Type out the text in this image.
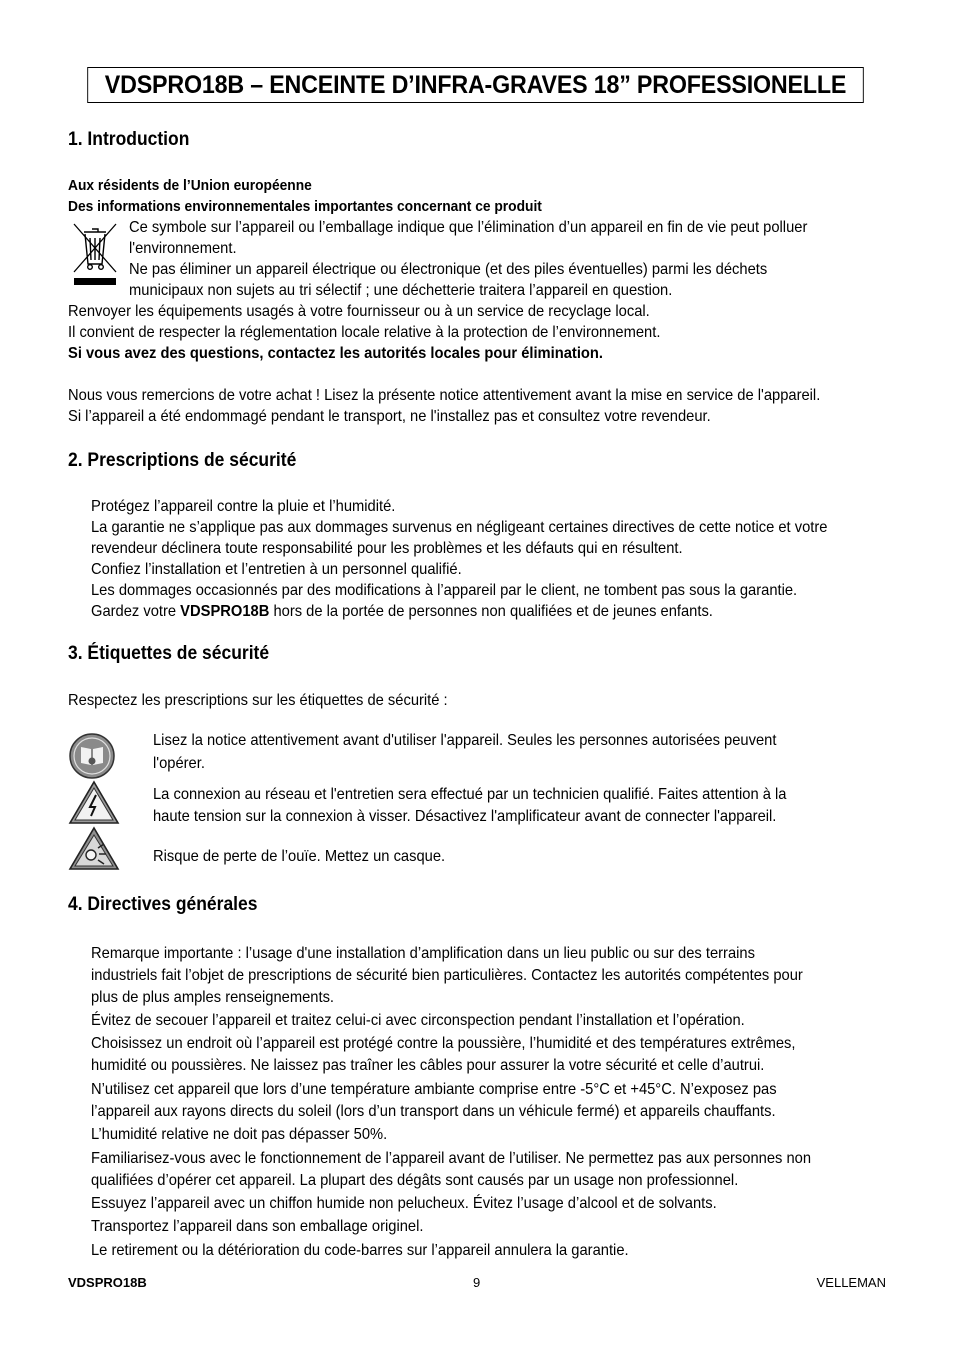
VDSPRO18B – ENCEINTE D’INFRA-GRAVES 18” PROFESSIONELLE
1. Introduction
Aux résidents de l’Union européenne
Des informations environnementales importantes concernant ce produit
Ce symbole sur l’appareil ou l’emballage indique que l’élimination d’un appareil en fin de vie peut polluer
l'environnement.
Ne pas éliminer un appareil électrique ou électronique (et des piles éventuelles) parmi les déchets
municipaux non sujets au tri sélectif ; une déchetterie traitera l’appareil en question.
Renvoyer les équipements usagés à votre fournisseur ou à un service de recyclage local.
Il convient de respecter la réglementation locale relative à la protection de l’environnement.
Si vous avez des questions, contactez les autorités locales pour élimination.
Nous vous remercions de votre achat ! Lisez la présente notice attentivement avant la mise en service de l'appareil.
Si l’appareil a été endommagé pendant le transport, ne l'installez pas et consultez votre revendeur.
2. Prescriptions de sécurité
Protégez l’appareil contre la pluie et l’humidité.
La garantie ne s’applique pas aux dommages survenus en négligeant certaines directives de cette notice et votre
revendeur déclinera toute responsabilité pour les problèmes et les défauts qui en résultent.
Confiez l’installation et l’entretien à un personnel qualifié.
Les dommages occasionnés par des modifications à l’appareil par le client, ne tombent pas sous la garantie.
Gardez votre VDSPRO18B hors de la portée de personnes non qualifiées et de jeunes enfants.
3. Étiquettes de sécurité
Respectez les prescriptions sur les étiquettes de sécurité :
Lisez la notice attentivement avant d'utiliser l'appareil. Seules les personnes autorisées peuvent
l'opérer.
La connexion au réseau et l'entretien sera effectué par un technicien qualifié. Faites attention à la
haute tension sur la connexion à visser. Désactivez l'amplificateur avant de connecter l'appareil.
Risque de perte de l’ouïe. Mettez un casque.
4. Directives générales
Remarque importante : l’usage d'une installation d’amplification dans un lieu public ou sur des terrains
industriels fait l’objet de prescriptions de sécurité bien particulières. Contactez les autorités compétentes pour
plus de plus amples renseignements.
Évitez de secouer l’appareil et traitez celui-ci avec circonspection pendant l’installation et l’opération.
Choisissez un endroit où l’appareil est protégé contre la poussière, l’humidité et des températures extrêmes,
humidité ou poussières. Ne laissez pas traîner les câbles pour assurer la votre sécurité et celle d’autrui.
N’utilisez cet appareil que lors d’une température ambiante comprise entre -5°C et +45°C. N’exposez pas
l’appareil aux rayons directs du soleil (lors d’un transport dans un véhicule fermé) et appareils chauffants.
L’humidité relative ne doit pas dépasser 50%.
Familiarisez-vous avec le fonctionnement de l’appareil avant de l’utiliser. Ne permettez pas aux personnes non
qualifiées d’opérer cet appareil. La plupart des dégâts sont causés par un usage non professionnel.
Essuyez l’appareil avec un chiffon humide non pelucheux. Évitez l’usage d’alcool et de solvants.
Transportez l’appareil dans son emballage originel.
Le retirement ou la détérioration du code-barres sur l’appareil annulera la garantie.
VDSPRO18B	9	VELLEMAN
